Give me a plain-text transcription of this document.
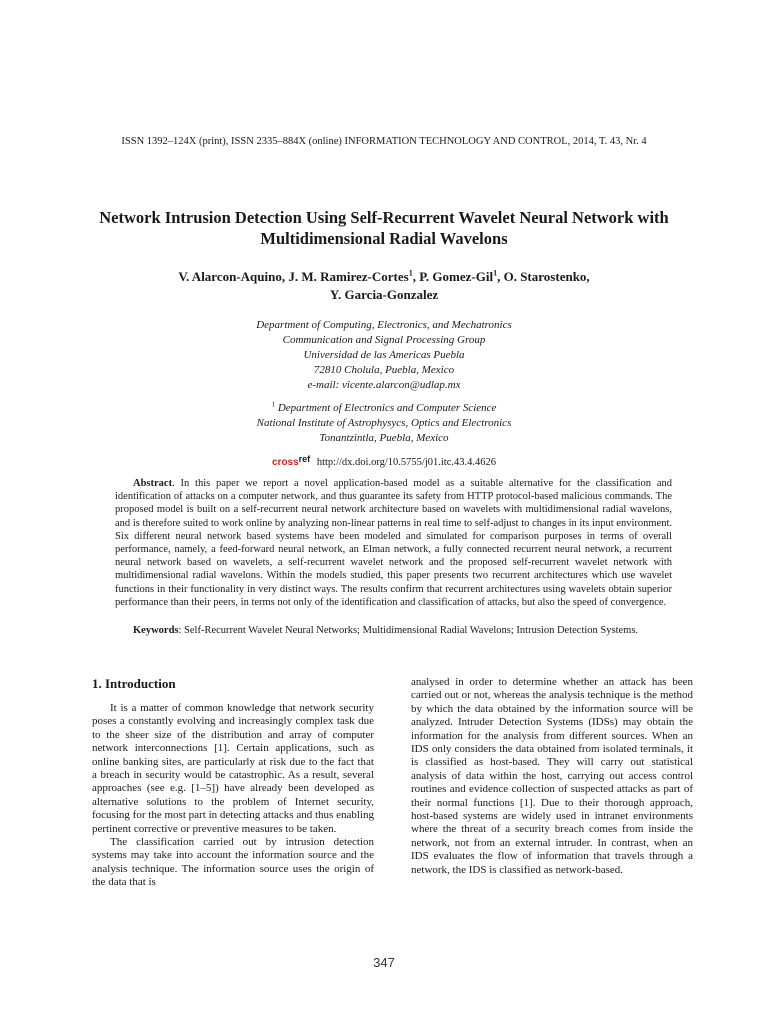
ISSN 1392–124X (print), ISSN 2335–884X (online) INFORMATION TECHNOLOGY AND CONTROL, 2014, T. 43, Nr. 4
Network Intrusion Detection Using Self-Recurrent Wavelet Neural Network with Multidimensional Radial Wavelons
V. Alarcon-Aquino, J. M. Ramirez-Cortes$^1$, P. Gomez-Gil$^1$, O. Starostenko,
Y. Garcia-Gonzalez
Department of Computing, Electronics, and Mechatronics
Communication and Signal Processing Group
Universidad de las Americas Puebla
72810 Cholula, Puebla, Mexico
e-mail: vicente.alarcon@udlap.mx
$^1$ Department of Electronics and Computer Science
National Institute of Astrophysycs, Optics and Electronics
Tonantzintla, Puebla, Mexico
crossref http://dx.doi.org/10.5755/j01.itc.43.4.4626
Abstract. In this paper we report a novel application-based model as a suitable alternative for the classification and identification of attacks on a computer network, and thus guarantee its safety from HTTP protocol-based malicious commands. The proposed model is built on a self-recurrent neural network architecture based on wavelets with multidimensional radial wavelons, and is therefore suited to work online by analyzing non-linear patterns in real time to self-adjust to changes in its input environment. Six different neural network based systems have been modeled and simulated for comparison purposes in terms of overall performance, namely, a feed-forward neural network, an Elman network, a fully connected recurrent neural network, a recurrent neural network based on wavelets, a self-recurrent wavelet network and the proposed self-recurrent wavelet network with multidimensional radial wavelons. Within the models studied, this paper presents two recurrent architectures which use wavelet functions in their functionality in very distinct ways. The results confirm that recurrent architectures using wavelets obtain superior performance than their peers, in terms not only of the identification and classification of attacks, but also the speed of convergence.
Keywords: Self-Recurrent Wavelet Neural Networks; Multidimensional Radial Wavelons; Intrusion Detection Systems.
1. Introduction

It is a matter of common knowledge that network security poses a constantly evolving and increasingly complex task due to the sheer size of the distribution and array of computer network interconnections [1]. Certain applications, such as online banking sites, are particularly at risk due to the fact that a breach in security would be catastrophic. As a result, several approaches (see e.g. [1–5]) have already been developed as alternative solutions to the problem of Internet security, focusing for the most part in detecting attacks and thus enabling pertinent corrective or preventive measures to be taken.

The classification carried out by intrusion detection systems may take into account the information source and the analysis technique. The information source uses the origin of the data that is

analysed in order to determine whether an attack has been carried out or not, whereas the analysis technique is the method by which the data obtained by the information source will be analyzed. Intruder Detection Systems (IDSs) may obtain the information for the analysis from different sources. When an IDS only considers the data obtained from isolated terminals, it is classified as host-based. They will carry out statistical analysis of data within the host, carrying out access control routines and evidence collection of suspected attacks as part of their normal functions [1]. Due to their thorough approach, host-based systems are widely used in intranet environments where the threat of a security breach comes from inside the network, not from an external intruder. In contrast, when an IDS evaluates the flow of information that travels through a network, the IDS is classified as network-based.

347
